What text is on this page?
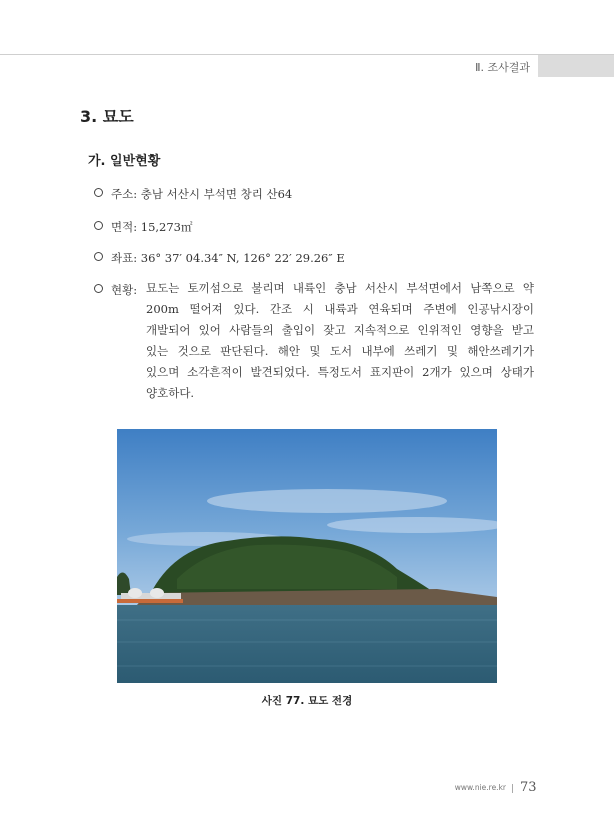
Ⅱ. 조사결과
3. 묘도
가. 일반현황
주소: 충남 서산시 부석면 창리 산64
면적: 15,273㎡
좌표: 36° 37′ 04.34″ N, 126° 22′ 29.26″ E
현황: 묘도는 토끼섬으로 불리며 내륙인 충남 서산시 부석면에서 남쪽으로 약
200m 떨어져 있다. 간조 시 내륙과 연육되며 주변에 인공낚시장이
개발되어 있어 사람들의 출입이 잦고 지속적으로 인위적인 영향을 받고
있는 것으로 판단된다. 해안 및 도서 내부에 쓰레기 및 해안쓰레기가
있으며 소각흔적이 발견되었다. 특정도서 표지판이 2개가 있으며 상태가
양호하다.
사진 77. 묘도 전경
www.nie.re.kr 73
